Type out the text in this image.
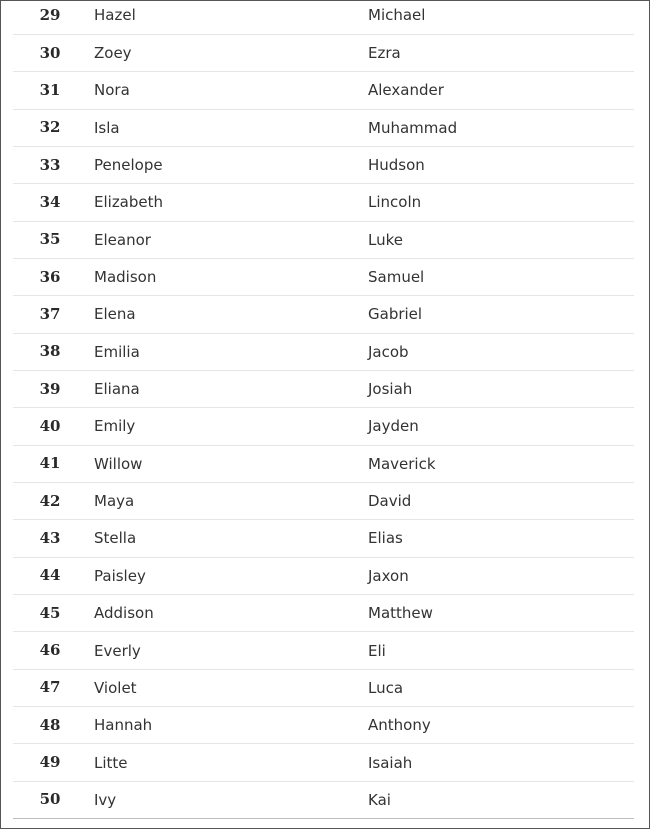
29	Hazel	Michael
30	Zoey	Ezra
31	Nora	Alexander
32	Isla	Muhammad
33	Penelope	Hudson
34	Elizabeth	Lincoln
35	Eleanor	Luke
36	Madison	Samuel
37	Elena	Gabriel
38	Emilia	Jacob
39	Eliana	Josiah
40	Emily	Jayden
41	Willow	Maverick
42	Maya	David
43	Stella	Elias
44	Paisley	Jaxon
45	Addison	Matthew
46	Everly	Eli
47	Violet	Luca
48	Hannah	Anthony
49	Litte	Isaiah
50	Ivy	Kai
